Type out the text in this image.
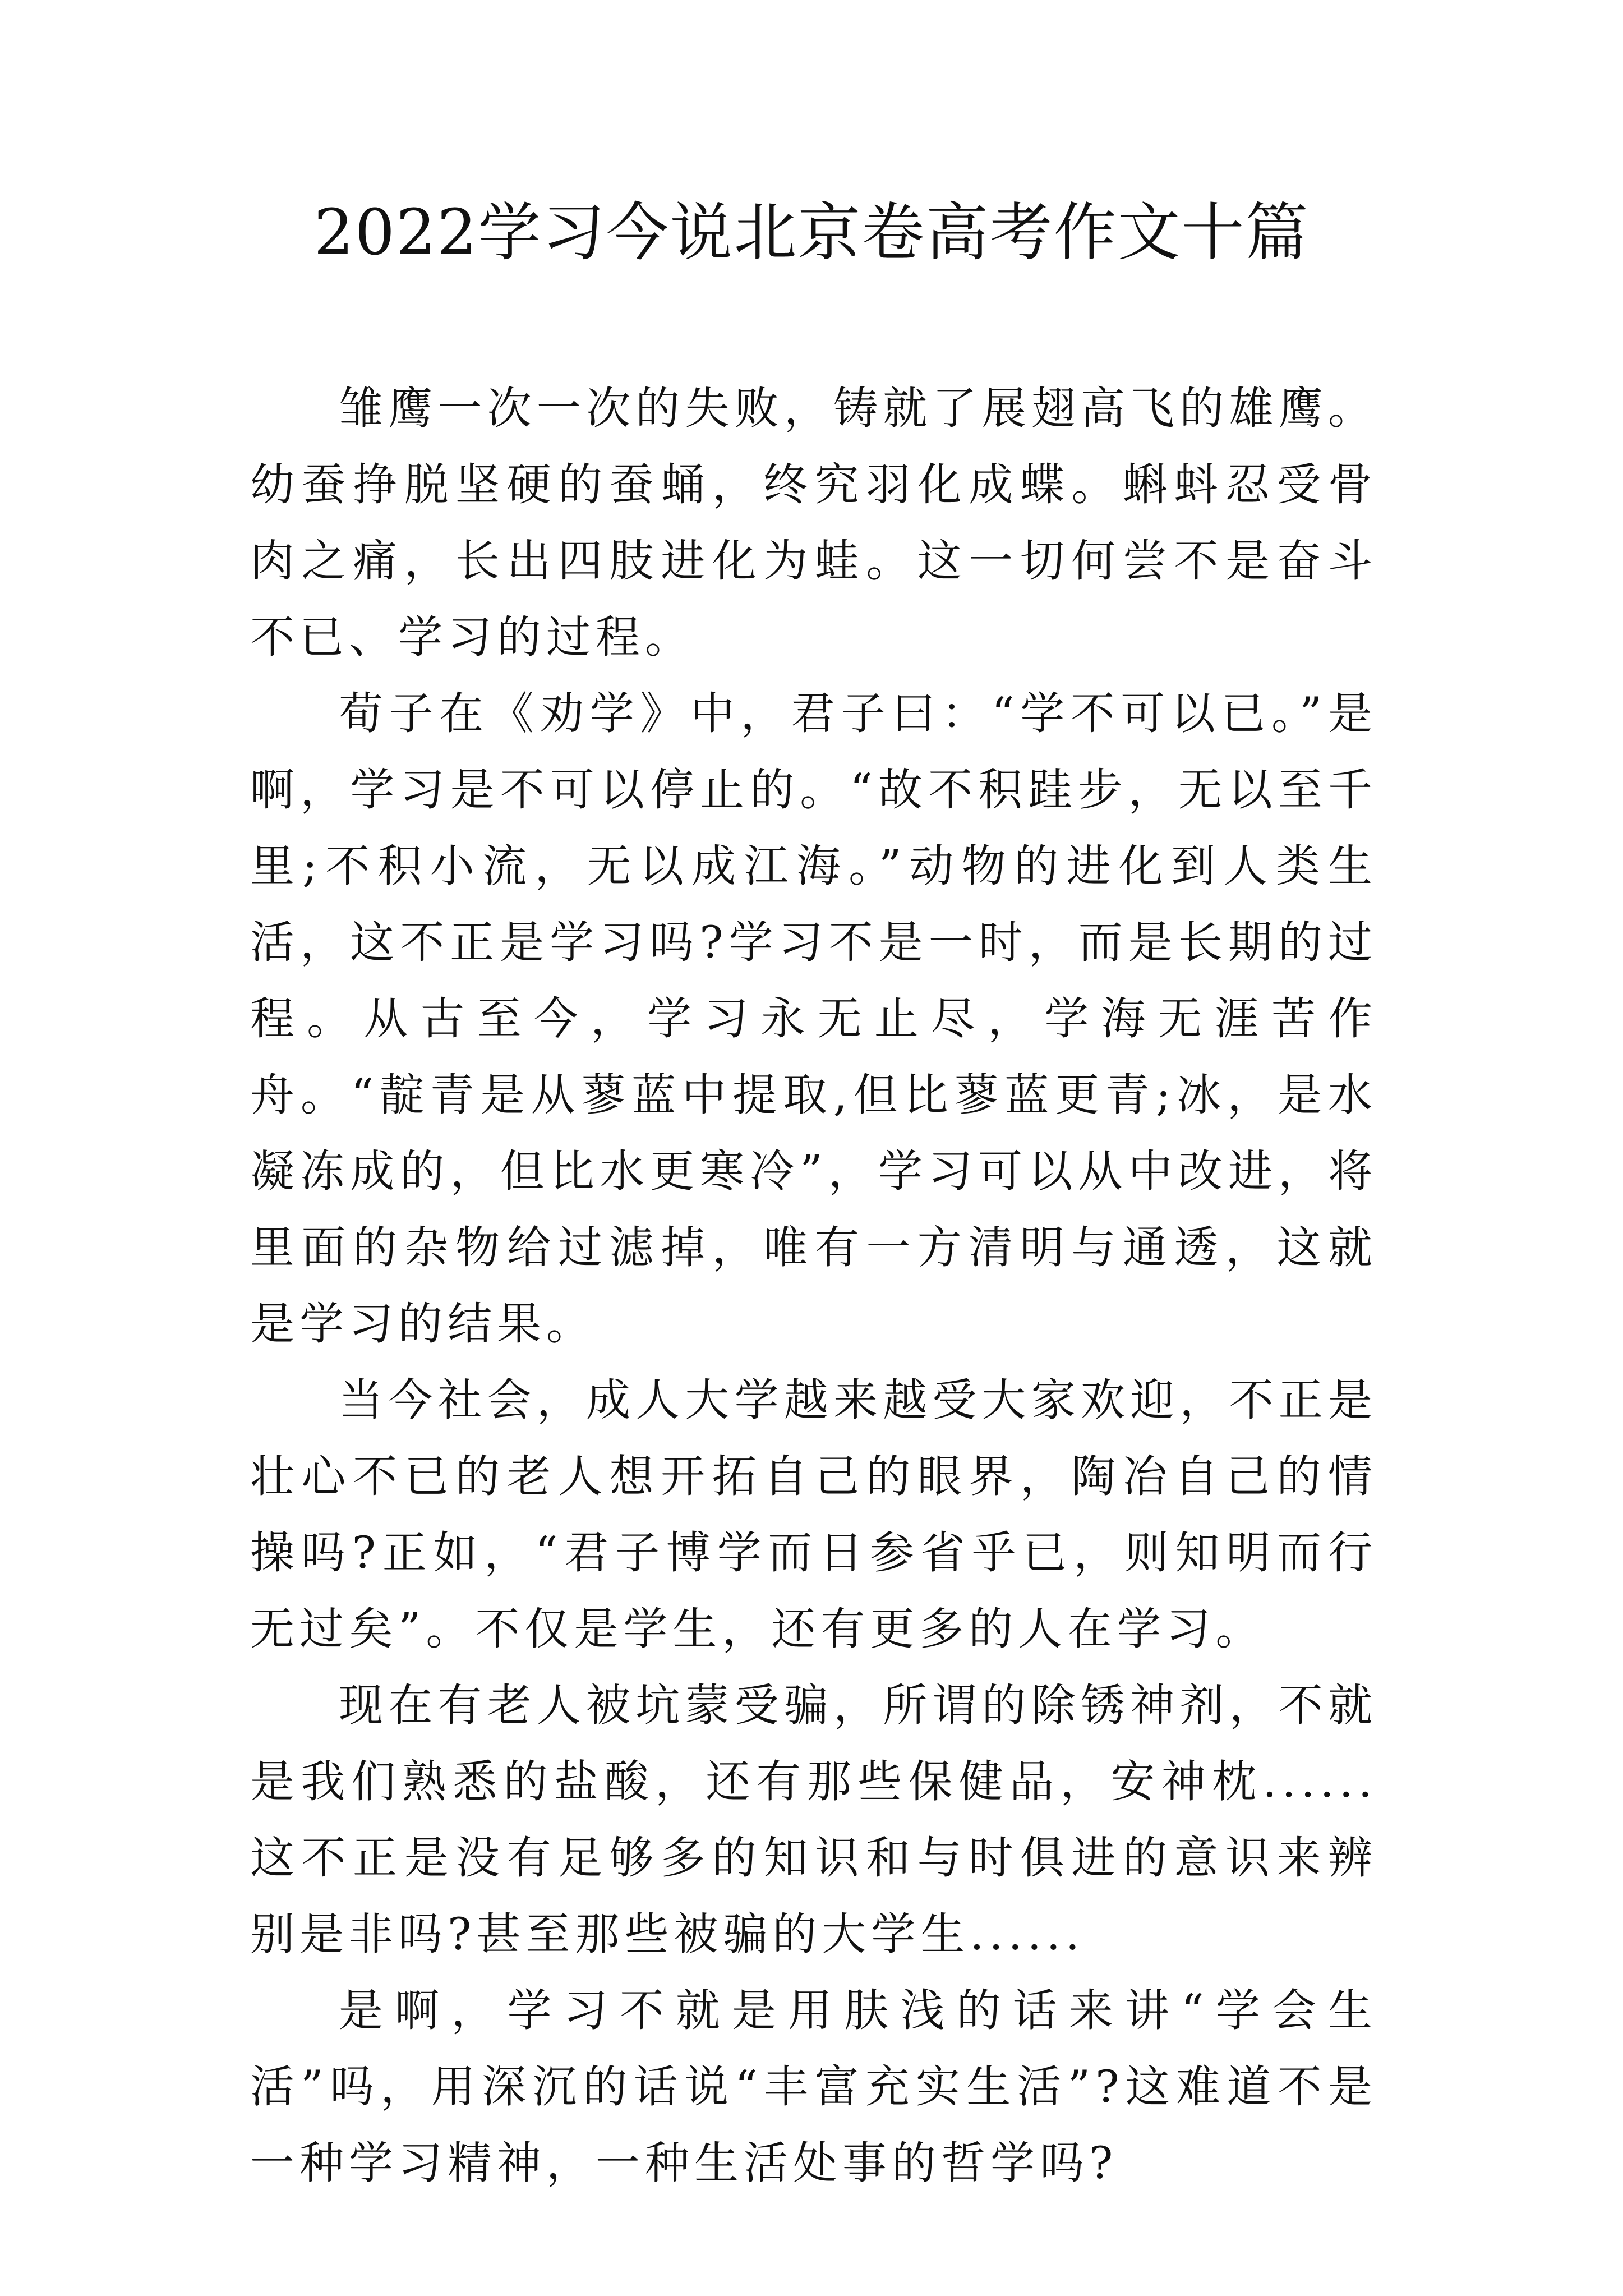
2022学习今说北京卷高考作文十篇

雏鹰一次一次的失败，铸就了展翅高飞的雄鹰。幼蚕挣脱坚硬的蚕蛹，终究羽化成蝶。蝌蚪忍受骨肉之痛，长出四肢进化为蛙。这一切何尝不是奋斗不已、学习的过程。

荀子在《劝学》中，君子曰：“学不可以已。”是啊，学习是不可以停止的。“故不积跬步，无以至千里;不积小流，无以成江海。”动物的进化到人类生活，这不正是学习吗?学习不是一时，而是长期的过程。从古至今，学习永无止尽，学海无涯苦作舟。“靛青是从蓼蓝中提取,但比蓼蓝更青;冰，是水凝冻成的，但比水更寒冷”，学习可以从中改进，将里面的杂物给过滤掉，唯有一方清明与通透，这就是学习的结果。

当今社会，成人大学越来越受大家欢迎，不正是壮心不已的老人想开拓自己的眼界，陶冶自己的情操吗?正如，“君子博学而日参省乎已，则知明而行无过矣”。不仅是学生，还有更多的人在学习。

现在有老人被坑蒙受骗，所谓的除锈神剂，不就是我们熟悉的盐酸，还有那些保健品，安神枕......这不正是没有足够多的知识和与时俱进的意识来辨别是非吗?甚至那些被骗的大学生......

是啊，学习不就是用肤浅的话来讲“学会生活”吗，用深沉的话说“丰富充实生活”?这难道不是一种学习精神，一种生活处事的哲学吗?
